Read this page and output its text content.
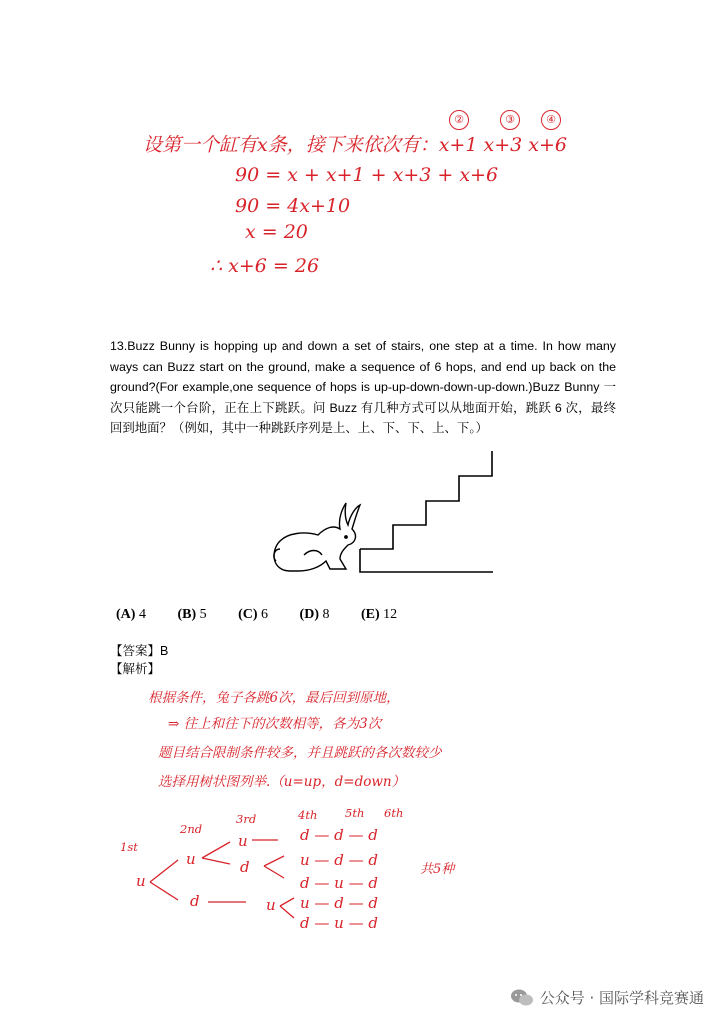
②	③	④
设第一个缸有x条，接下来依次有：x+1 x+3 x+6
90 = x + x+1 + x+3 + x+6
90 = 4x+10
x = 20
∴ x+6 = 26
13.Buzz Bunny is hopping up and down a set of stairs, one step at a time. In how many ways can Buzz start on the ground, make a sequence of 6 hops, and end up back on the ground?(For example,one sequence of hops is up-up-down-down-up-down.)Buzz Bunny 一次只能跳一个台阶，正在上下跳跃。问 Buzz 有几种方式可以从地面开始，跳跃 6 次，最终回到地面？（例如，其中一种跳跃序列是上、上、下、下、上、下。）
(A) 4 (B) 5 (C) 6 (D) 8 (E) 12
【答案】B
【解析】
根据条件，兔子各跳6次，最后回到原地，
⇒ 往上和往下的次数相等，各为3次
题目结合限制条件较多，并且跳跃的各次数较少
选择用树状图列举.（u=up，d=down）
1st
2nd
3rd	4th 5th 6th
u
u
d
u
d
u
d — d — d
u — d — d
d — u — d
u — d — d
d — u — d
共5种
公众号 · 国际学科竞赛通
